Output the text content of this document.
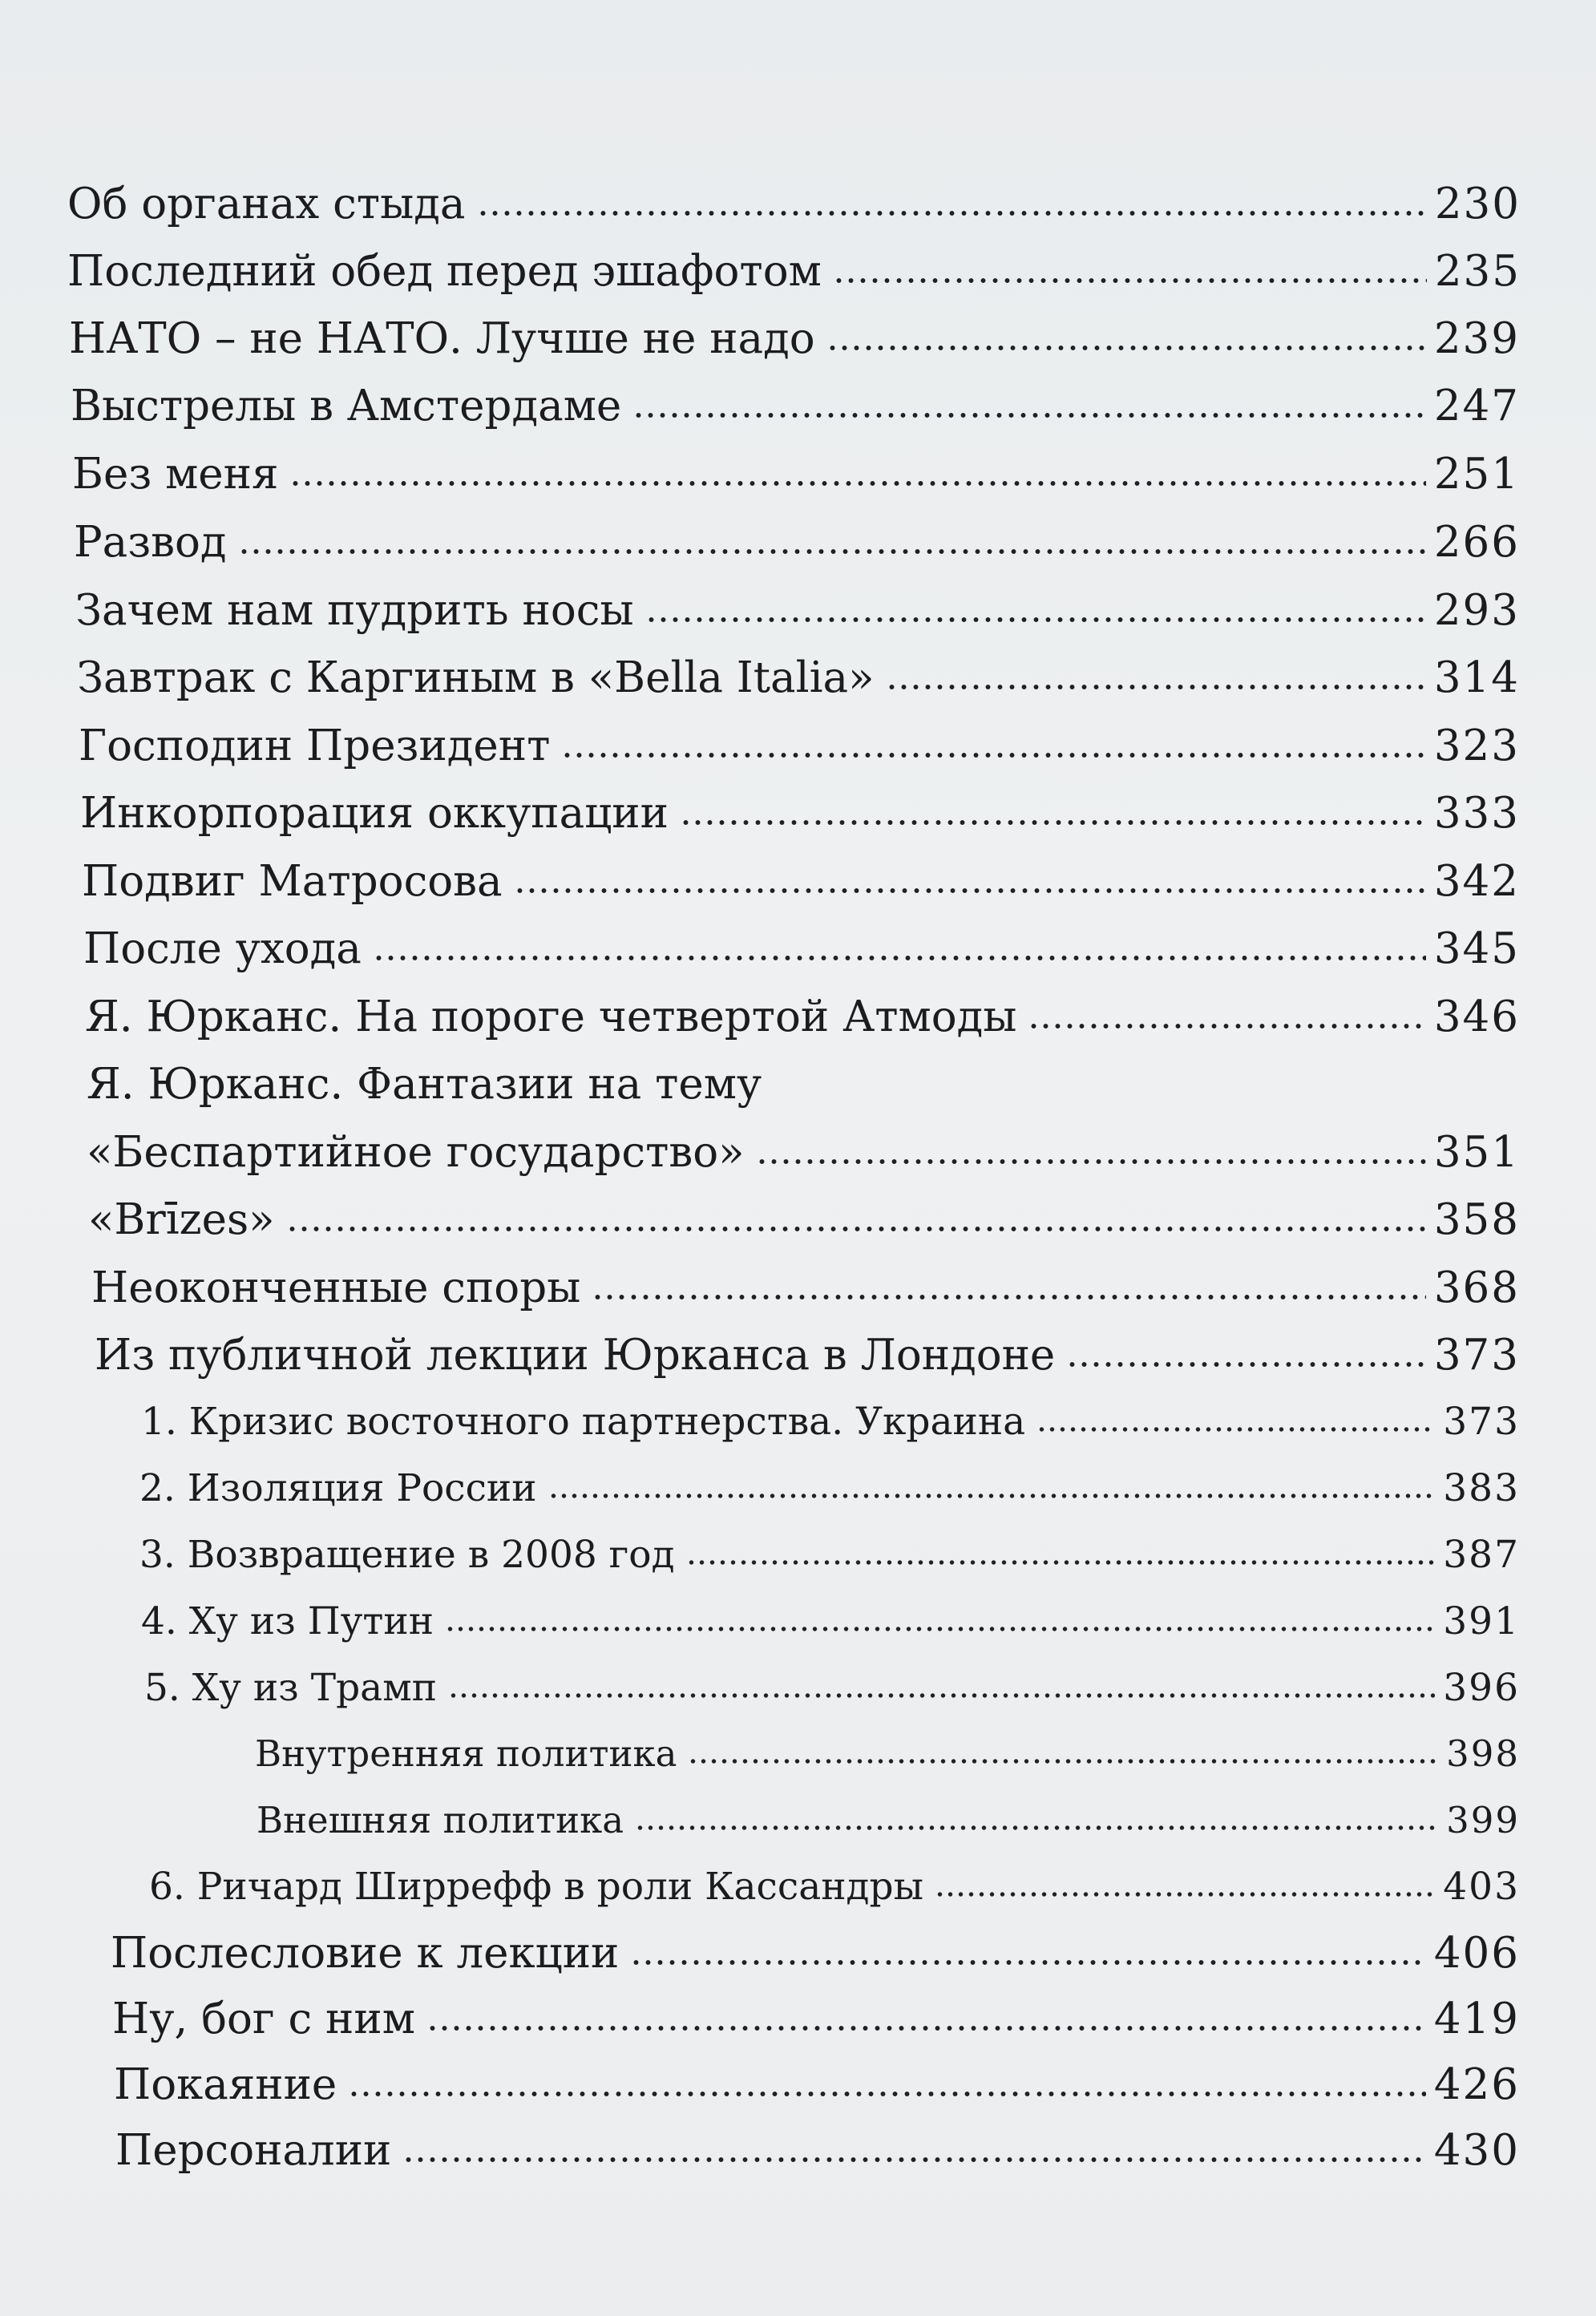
Об органах стыда	230
Последний обед перед эшафотом	235
НАТО – не НАТО. Лучше не надо	239
Выстрелы в Амстердаме	247
Без меня	251
Развод	266
Зачем нам пудрить носы	293
Завтрак с Каргиным в «Bella Italia»	314
Господин Президент	323
Инкорпорация оккупации	333
Подвиг Матросова	342
После ухода	345
Я. Юрканс. На пороге четвертой Атмоды	346
Я. Юрканс. Фантазии на тему
«Беспартийное государство»	351
«Brīzes»	358
Неоконченные споры	368
Из публичной лекции Юрканса в Лондоне	373
1. Кризис восточного партнерства. Украина	373
2. Изоляция России	383
3. Возвращение в 2008 год	387
4. Ху из Путин	391
5. Ху из Трамп	396
Внутренняя политика	398
Внешняя политика	399
6. Ричард Ширрефф в роли Кассандры	403
Послесловие к лекции	406
Ну, бог с ним	419
Покаяние	426
Персоналии	430
